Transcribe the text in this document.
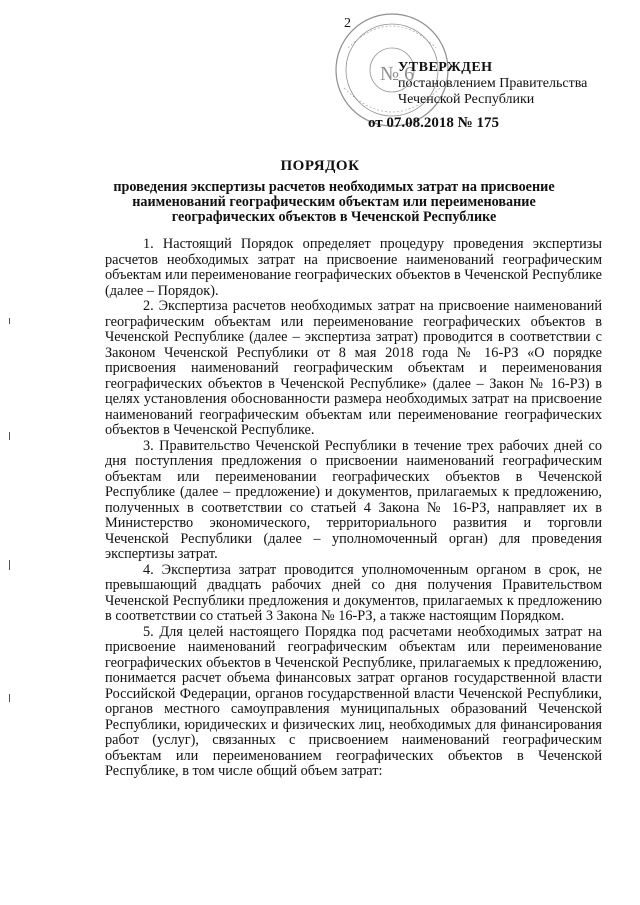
2
№ 6
УТВЕРЖДЕН
постановлением Правительства
Чеченской Республики
от 07.08.2018 № 175
ПОРЯДОК
проведения экспертизы расчетов необходимых затрат на присвоение наименований географическим объектам или переименование географических объектов в Чеченской Республике

1. Настоящий Порядок определяет процедуру проведения экспертизы расчетов необходимых затрат на присвоение наименований географическим объектам или переименование географических объектов в Чеченской Республике (далее – Порядок).

2. Экспертиза расчетов необходимых затрат на присвоение наименований географическим объектам или переименование географических объектов в Чеченской Республике (далее – экспертиза затрат) проводится в соответствии с Законом Чеченской Республики от 8 мая 2018 года № 16-РЗ «О порядке присвоения наименований географическим объектам и переименования географических объектов в Чеченской Республике» (далее – Закон № 16-РЗ) в целях установления обоснованности размера необходимых затрат на присвоение наименований географическим объектам или переименование географических объектов в Чеченской Республике.

3. Правительство Чеченской Республики в течение трех рабочих дней со дня поступления предложения о присвоении наименований географическим объектам или переименовании географических объектов в Чеченской Республике (далее – предложение) и документов, прилагаемых к предложению, полученных в соответствии со статьей 4 Закона № 16-РЗ, направляет их в Министерство экономического, территориального развития и торговли Чеченской Республики (далее – уполномоченный орган) для проведения экспертизы затрат.

4. Экспертиза затрат проводится уполномоченным органом в срок, не превышающий двадцать рабочих дней со дня получения Правительством Чеченской Республики предложения и документов, прилагаемых к предложению в соответствии со статьей 3 Закона № 16-РЗ, а также настоящим Порядком.

5. Для целей настоящего Порядка под расчетами необходимых затрат на присвоение наименований географическим объектам или переименование географических объектов в Чеченской Республике, прилагаемых к предложению, понимается расчет объема финансовых затрат органов государственной власти Российской Федерации, органов государственной власти Чеченской Республики, органов местного самоуправления муниципальных образований Чеченской Республики, юридических и физических лиц, необходимых для финансирования работ (услуг), связанных с присвоением наименований географическим объектам или переименованием географических объектов в Чеченской Республике, в том числе общий объем затрат:
